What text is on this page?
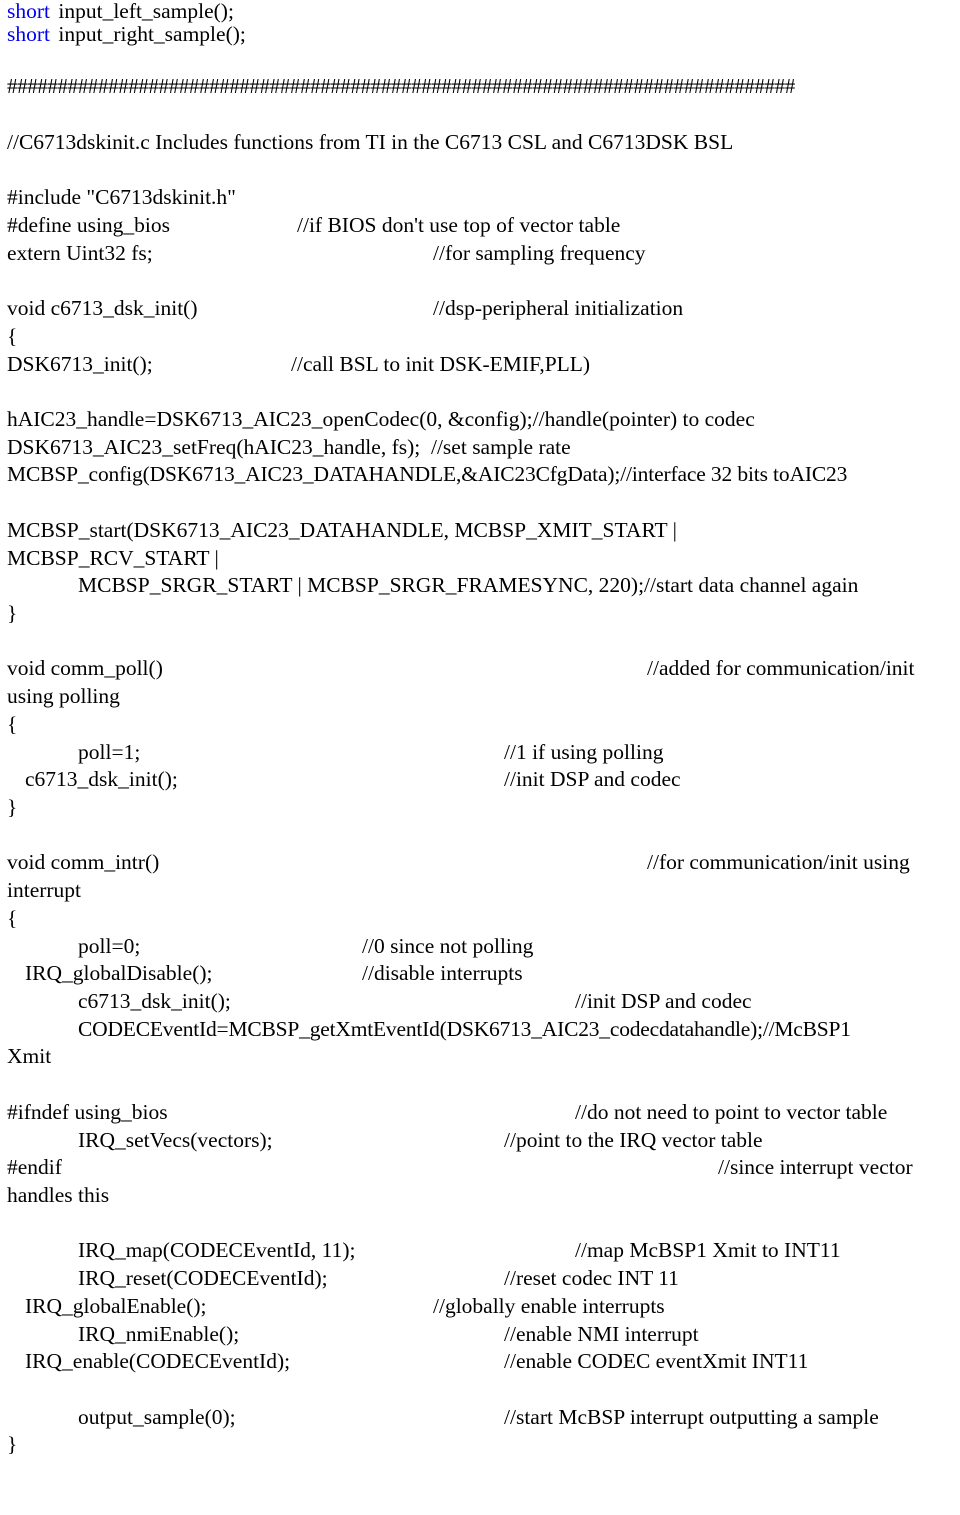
short

input_left_sample();

short

input_right_sample();

##############################################################################

//C6713dskinit.c Includes functions from TI in the C6713 CSL and C6713DSK BSL

#include "C6713dskinit.h"

#define using_bios

	//if BIOS don't use top of vector table

extern Uint32 fs;

	//for sampling frequency

void c6713_dsk_init()

	//dsp-peripheral initialization

{

DSK6713_init();

	//call BSL to init DSK-EMIF,PLL)

hAIC23_handle=DSK6713_AIC23_openCodec(0, &config);//handle(pointer) to codec

DSK6713_AIC23_setFreq(hAIC23_handle, fs);  //set sample rate

MCBSP_config(DSK6713_AIC23_DATAHANDLE,&AIC23CfgData);//interface 32 bits toAIC23

MCBSP_start(DSK6713_AIC23_DATAHANDLE, MCBSP_XMIT_START |

MCBSP_RCV_START |

MCBSP_SRGR_START | MCBSP_SRGR_FRAMESYNC, 220);//start data channel again

}

void comm_poll()

	//added for communication/init

using polling

{

poll=1;

	//1 if using polling

c6713_dsk_init();

	//init DSP and codec

}

void comm_intr()

	//for communication/init using

interrupt

{

poll=0;

	//0 since not polling

IRQ_globalDisable();

	//disable interrupts

c6713_dsk_init();

	//init DSP and codec

CODECEventId=MCBSP_getXmtEventId(DSK6713_AIC23_codecdatahandle);//McBSP1

Xmit

#ifndef using_bios

	//do not need to point to vector table

IRQ_setVecs(vectors);

	//point to the IRQ vector table

#endif

	//since interrupt vector

handles this

IRQ_map(CODECEventId, 11);

	//map McBSP1 Xmit to INT11

IRQ_reset(CODECEventId);

	//reset codec INT 11

IRQ_globalEnable();

	//globally enable interrupts

IRQ_nmiEnable();

	//enable NMI interrupt

IRQ_enable(CODECEventId);

	//enable CODEC eventXmit INT11

output_sample(0);

	//start McBSP interrupt outputting a sample

}
